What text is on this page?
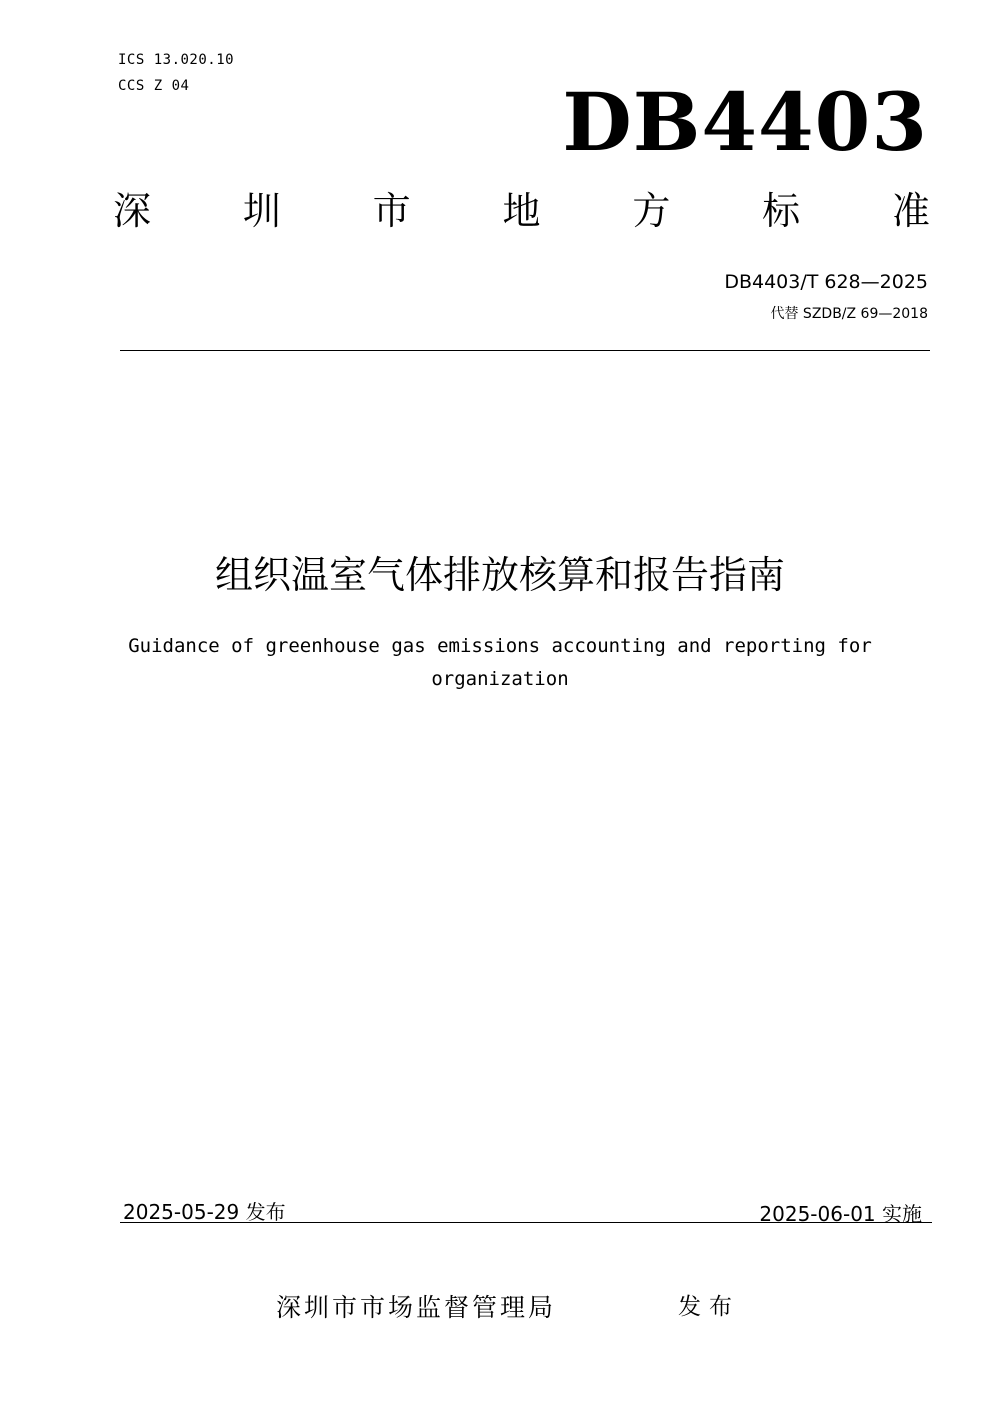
ICS 13.020.10
CCS Z 04	DB4403
深 圳 市 地 方 标 准
DB4403/T 628—2025
代替 SZDB/Z 69—2018
组织温室气体排放核算和报告指南
Guidance of greenhouse gas emissions accounting and reporting for organization
2025-05-29 发布	2025-06-01 实施
深圳市市场监督管理局	发布
